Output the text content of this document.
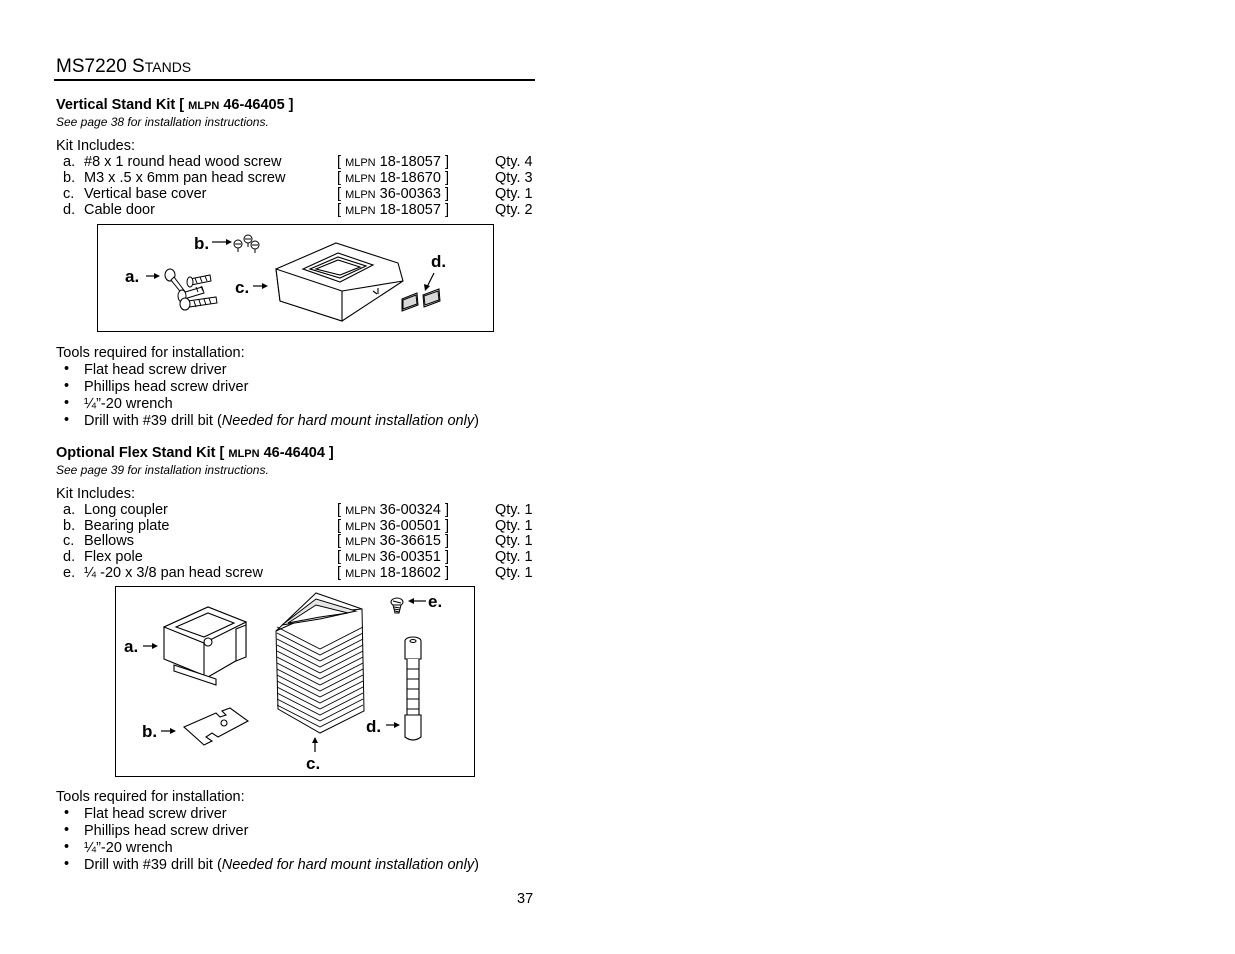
MS7220 STANDS
Vertical Stand Kit [ MLPN 46-46405 ]
See page 38 for installation instructions.
Kit Includes:
a. #8 x 1 round head wood screw	[ MLPN 18-18057 ]	Qty. 4
b. M3 x .5 x 6mm pan head screw	[ MLPN 18-18670 ]	Qty. 3
c. Vertical base cover	[ MLPN 36-00363 ]	Qty. 1
d. Cable door	[ MLPN 18-18057 ]	Qty. 2
b.
a.
c.
d.
Tools required for installation:
• Flat head screw driver
• Phillips head screw driver
• ¼”-20 wrench
• Drill with #39 drill bit (Needed for hard mount installation only)
Optional Flex Stand Kit [ MLPN 46-46404 ]
See page 39 for installation instructions.
Kit Includes:
a. Long coupler	[ MLPN 36-00324 ]	Qty. 1
b. Bearing plate	[ MLPN 36-00501 ]	Qty. 1
c. Bellows	[ MLPN 36-36615 ]	Qty. 1
d. Flex pole	[ MLPN 36-00351 ]	Qty. 1
e. ¼ -20 x 3/8 pan head screw	[ MLPN 18-18602 ]	Qty. 1
a.
b.
c.
e.
d.
Tools required for installation:
• Flat head screw driver
• Phillips head screw driver
• ¼”-20 wrench
• Drill with #39 drill bit (Needed for hard mount installation only)
37
